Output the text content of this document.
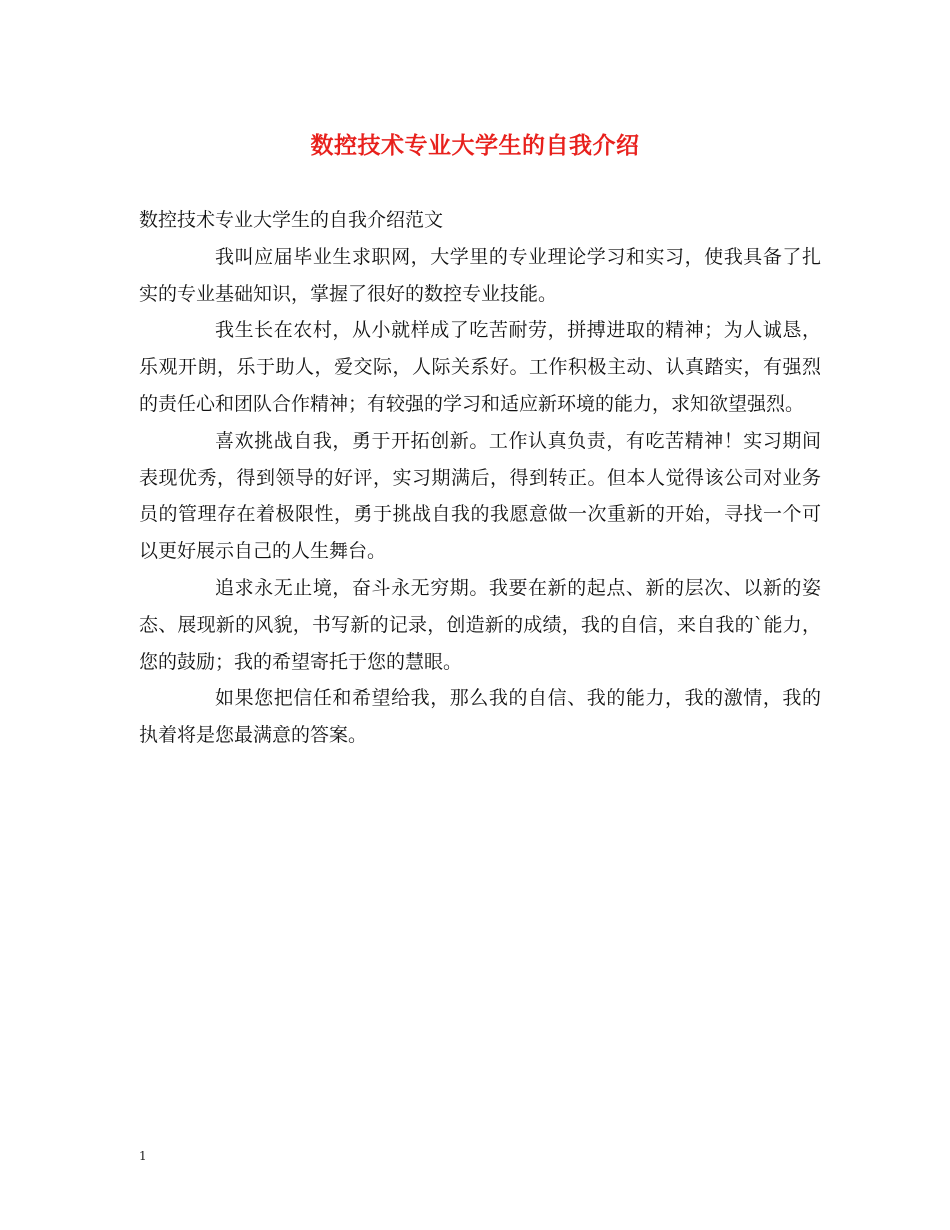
数控技术专业大学生的自我介绍

数控技术专业大学生的自我介绍范文

我叫应届毕业生求职网，大学里的专业理论学习和实习，使我具备了扎实的专业基础知识，掌握了很好的数控专业技能。

我生长在农村，从小就样成了吃苦耐劳，拼搏进取的精神；为人诚恳，乐观开朗，乐于助人，爱交际，人际关系好。工作积极主动、认真踏实，有强烈的责任心和团队合作精神；有较强的学习和适应新环境的能力，求知欲望强烈。

喜欢挑战自我，勇于开拓创新。工作认真负责，有吃苦精神！实习期间表现优秀，得到领导的好评，实习期满后，得到转正。但本人觉得该公司对业务员的管理存在着极限性，勇于挑战自我的我愿意做一次重新的开始，寻找一个可以更好展示自己的人生舞台。

追求永无止境，奋斗永无穷期。我要在新的起点、新的层次、以新的姿态、展现新的风貌，书写新的记录，创造新的成绩，我的自信，来自我的`能力，您的鼓励；我的希望寄托于您的慧眼。

如果您把信任和希望给我，那么我的自信、我的能力，我的激情，我的执着将是您最满意的答案。

1
